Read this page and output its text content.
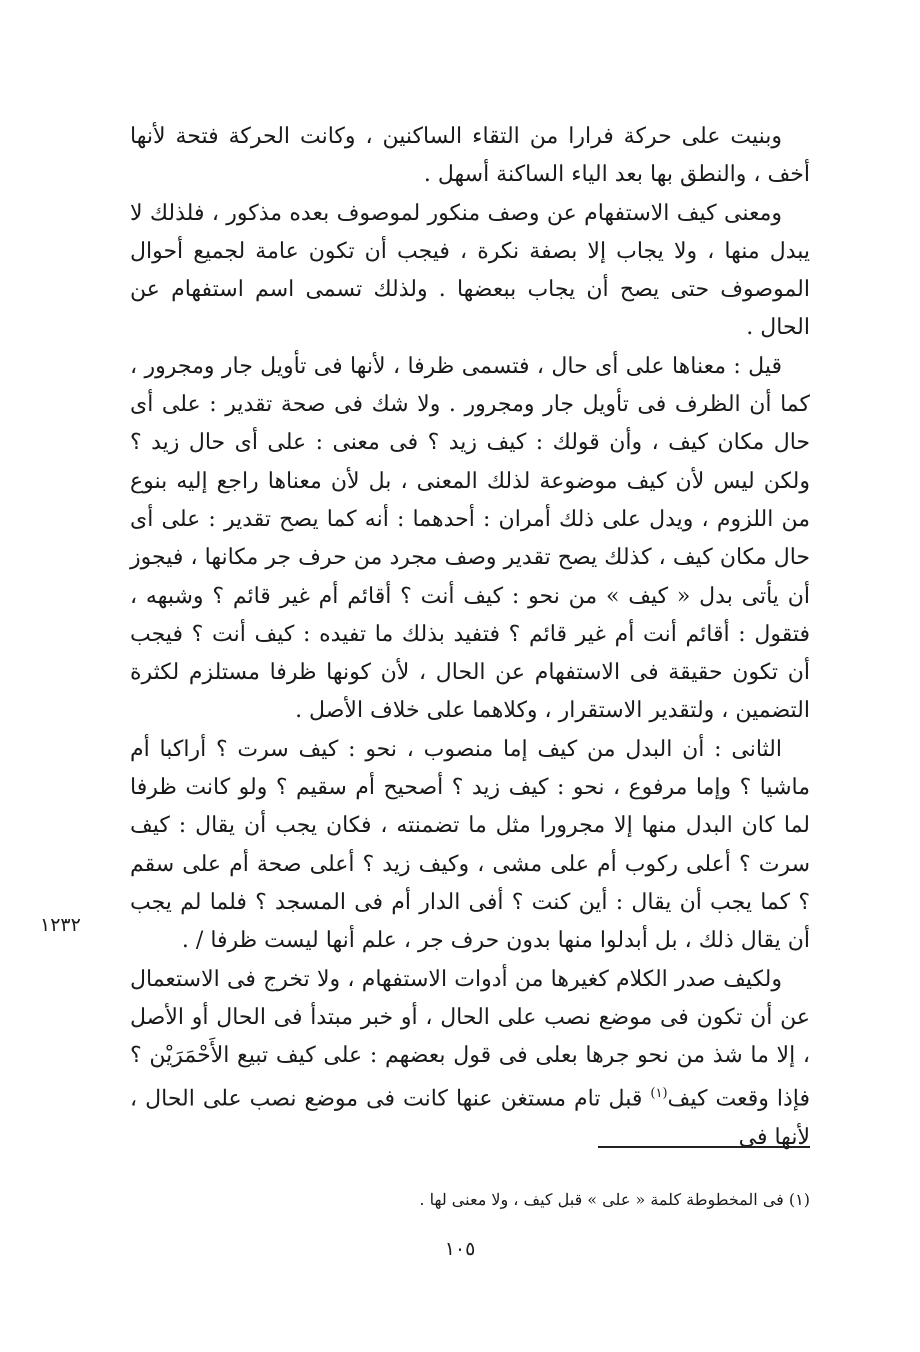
وبنيت على حركة فرارا من التقاء الساكنين ، وكانت الحركة فتحة لأنها أخف ، والنطق بها بعد الياء الساكنة أسهل .

ومعنى كيف الاستفهام عن وصف منكور لموصوف بعده مذكور ، فلذلك لا يبدل منها ، ولا يجاب إلا بصفة نكرة ، فيجب أن تكون عامة لجميع أحوال الموصوف حتى يصح أن يجاب ببعضها . ولذلك تسمى اسم استفهام عن الحال .

قيل : معناها على أى حال ، فتسمى ظرفا ، لأنها فى تأويل جار ومجرور ، كما أن الظرف فى تأويل جار ومجرور . ولا شك فى صحة تقدير : على أى حال مكان كيف ، وأن قولك : كيف زيد ؟ فى معنى : على أى حال زيد ؟ ولكن ليس لأن كيف موضوعة لذلك المعنى ، بل لأن معناها راجع إليه بنوع من اللزوم ، ويدل على ذلك أمران : أحدهما : أنه كما يصح تقدير : على أى حال مكان كيف ، كذلك يصح تقدير وصف مجرد من حرف جر مكانها ، فيجوز أن يأتى بدل « كيف » من نحو : كيف أنت ؟ أقائم أم غير قائم ؟ وشبهه ، فتقول : أقائم أنت أم غير قائم ؟ فتفيد بذلك ما تفيده : كيف أنت ؟ فيجب أن تكون حقيقة فى الاستفهام عن الحال ، لأن كونها ظرفا مستلزم لكثرة التضمين ، ولتقدير الاستقرار ، وكلاهما على خلاف الأصل .

الثانى : أن البدل من كيف إما منصوب ، نحو : كيف سرت ؟ أراكبا أم ماشيا ؟ وإما مرفوع ، نحو : كيف زيد ؟ أصحيح أم سقيم ؟ ولو كانت ظرفا لما كان البدل منها إلا مجرورا مثل ما تضمنته ، فكان يجب أن يقال : كيف سرت ؟ أعلى ركوب أم على مشى ، وكيف زيد ؟ أعلى صحة أم على سقم ؟ كما يجب أن يقال : أين كنت ؟ أفى الدار أم فى المسجد ؟ فلما لم يجب أن يقال ذلك ، بل أبدلوا منها بدون حرف جر ، علم أنها ليست ظرفا / .

ولكيف صدر الكلام كغيرها من أدوات الاستفهام ، ولا تخرج فى الاستعمال عن أن تكون فى موضع نصب على الحال ، أو خبر مبتدأ فى الحال أو الأصل ، إلا ما شذ من نحو جرها بعلى فى قول بعضهم : على كيف تبيع الأَحْمَرَيْن ؟ فإذا وقعت كيف$^{(١)}$ قبل تام مستغن عنها كانت فى موضع نصب على الحال ، لأنها فى

١٢٣٢
(١) فى المخطوطة كلمة « على » قبل كيف ، ولا معنى لها .
١٠٥
